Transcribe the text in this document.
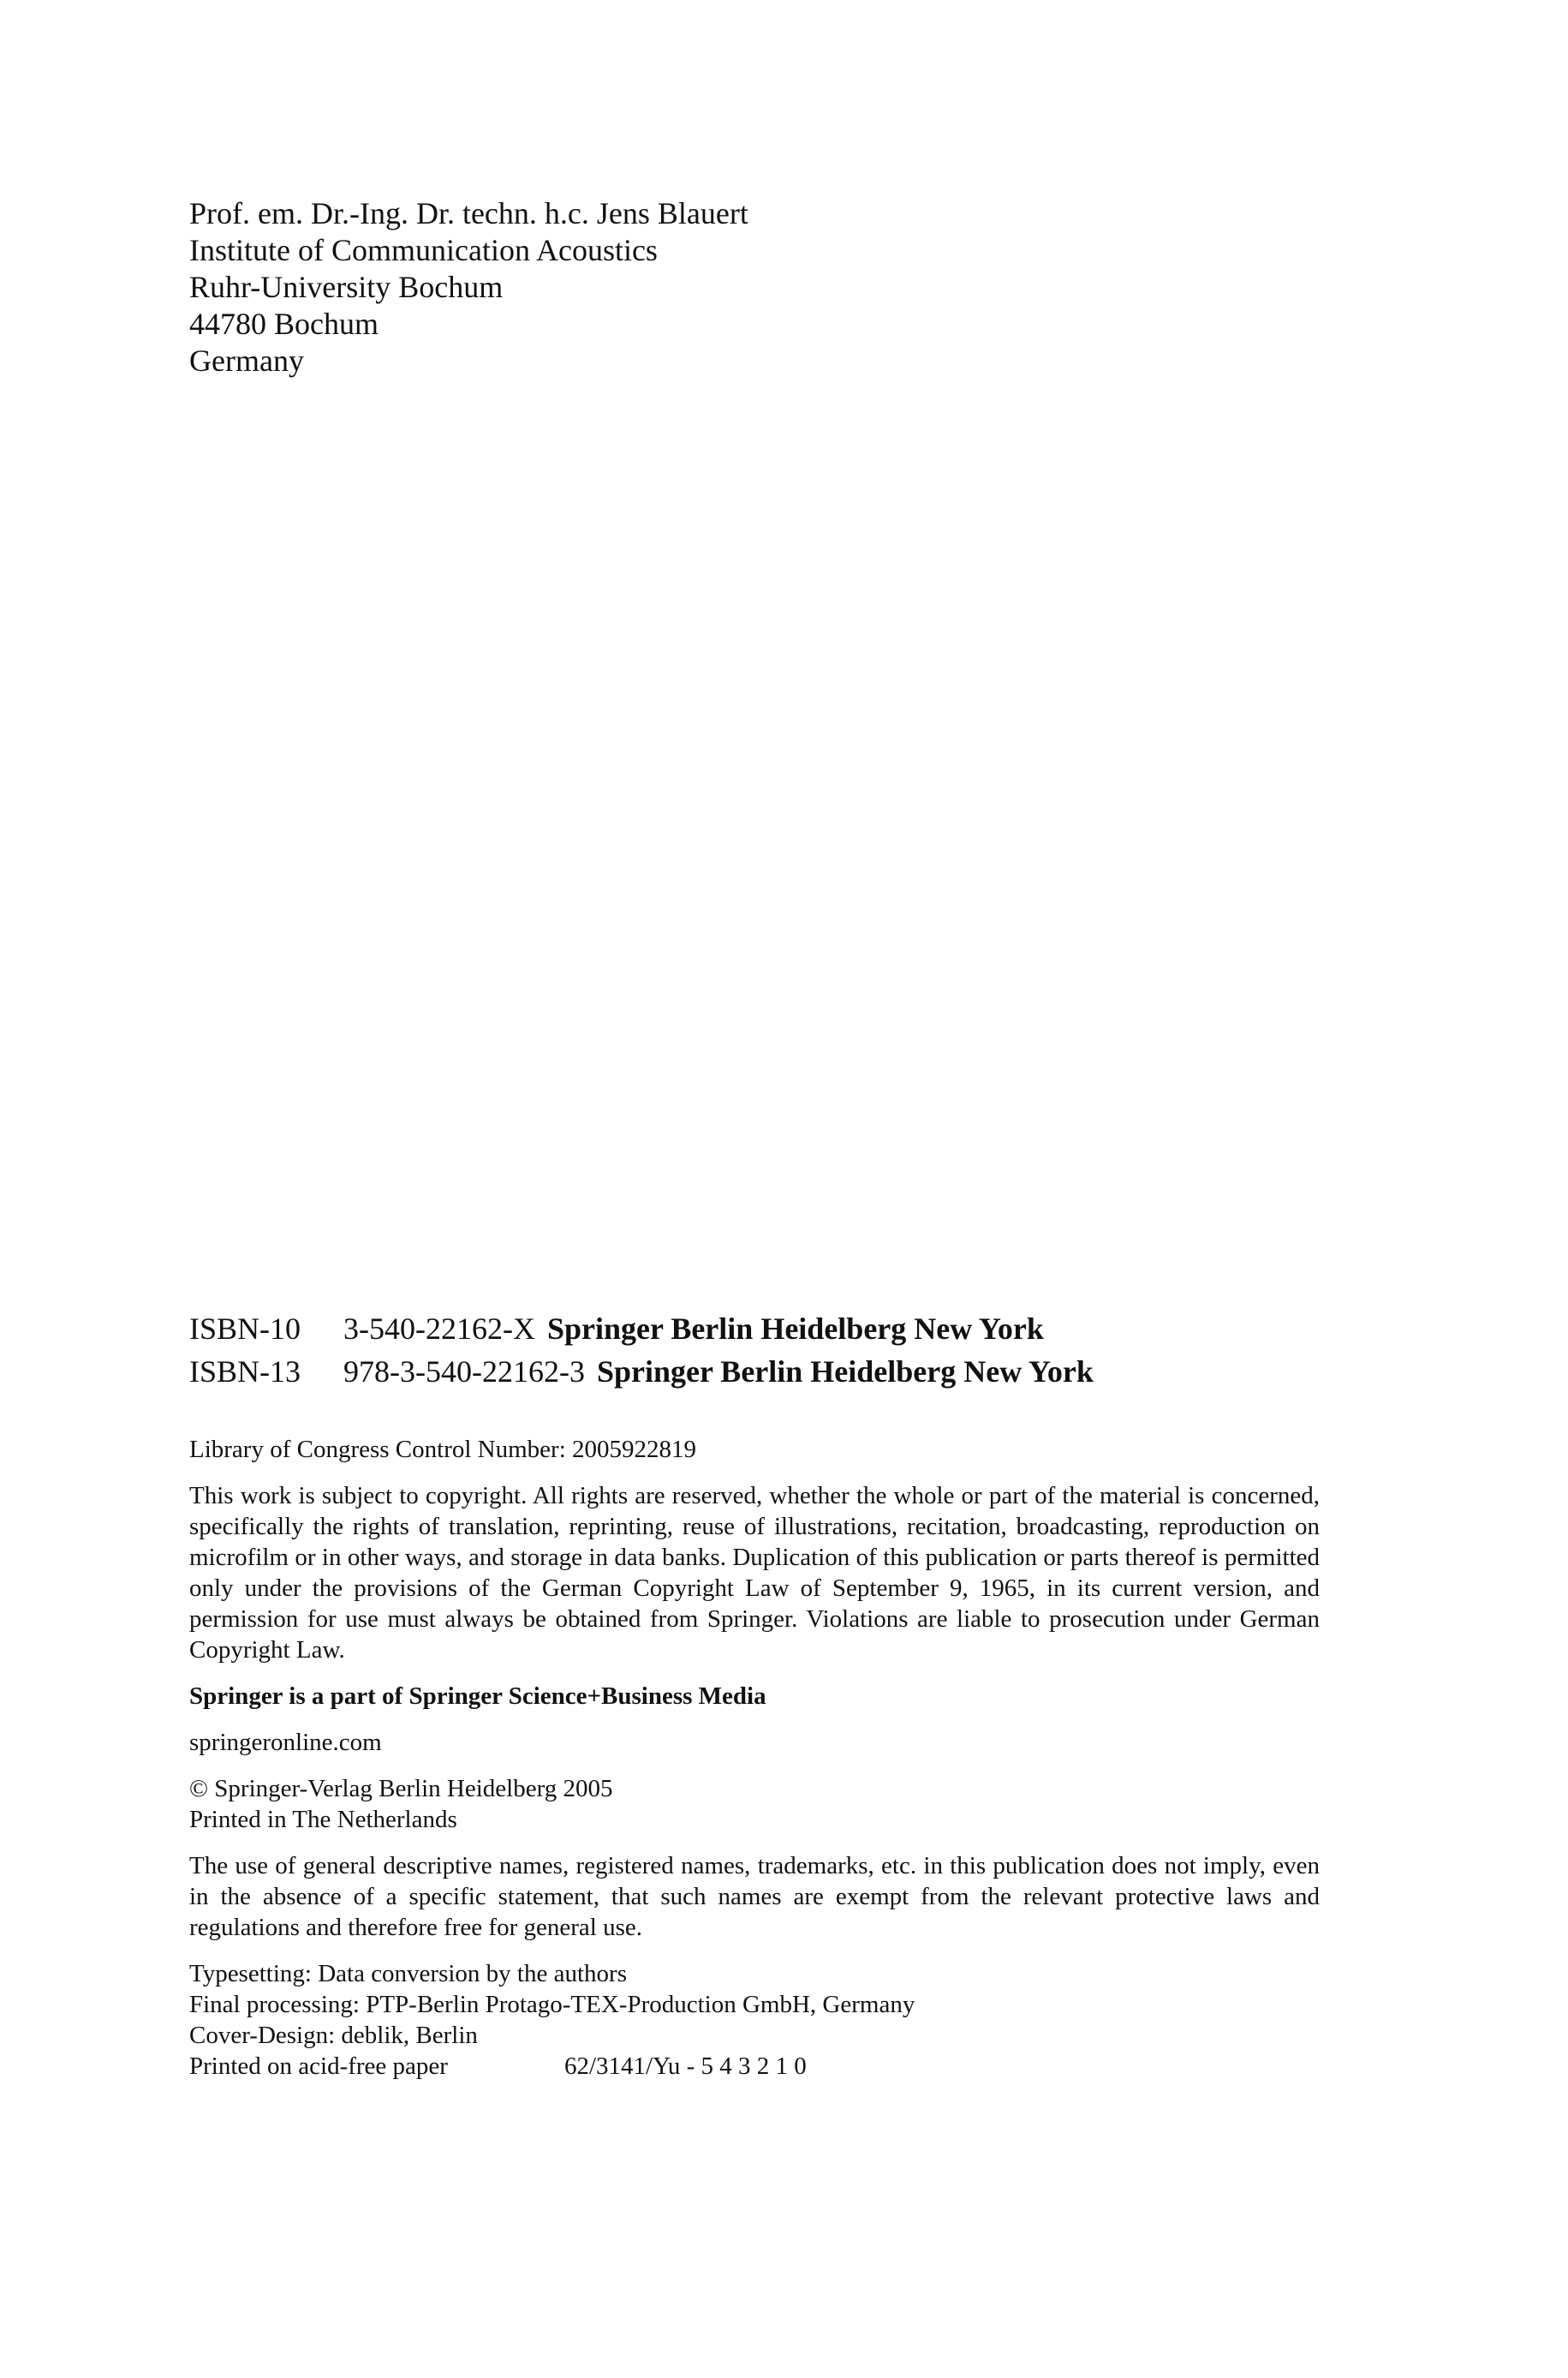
Prof. em. Dr.-Ing. Dr. techn. h.c. Jens Blauert
Institute of Communication Acoustics
Ruhr-University Bochum
44780 Bochum
Germany
ISBN-10 3-540-22162-X Springer Berlin Heidelberg New York
ISBN-13 978-3-540-22162-3 Springer Berlin Heidelberg New York

Library of Congress Control Number: 2005922819

This work is subject to copyright. All rights are reserved, whether the whole or part of the material is concerned, specifically the rights of translation, reprinting, reuse of illustrations, recitation, broadcasting, reproduction on microfilm or in other ways, and storage in data banks. Duplication of this publication or parts thereof is permitted only under the provisions of the German Copyright Law of September 9, 1965, in its current version, and permission for use must always be obtained from Springer. Violations are liable to prosecution under German Copyright Law.

Springer is a part of Springer Science+Business Media

springeronline.com

© Springer-Verlag Berlin Heidelberg 2005

Printed in The Netherlands

The use of general descriptive names, registered names, trademarks, etc. in this publication does not imply, even in the absence of a specific statement, that such names are exempt from the relevant protective laws and regulations and therefore free for general use.

Typesetting: Data conversion by the authors

Final processing: PTP-Berlin Protago-TEX-Production GmbH, Germany

Cover-Design: deblik, Berlin

Printed on acid-free paper	62/3141/Yu - 5 4 3 2 1 0
